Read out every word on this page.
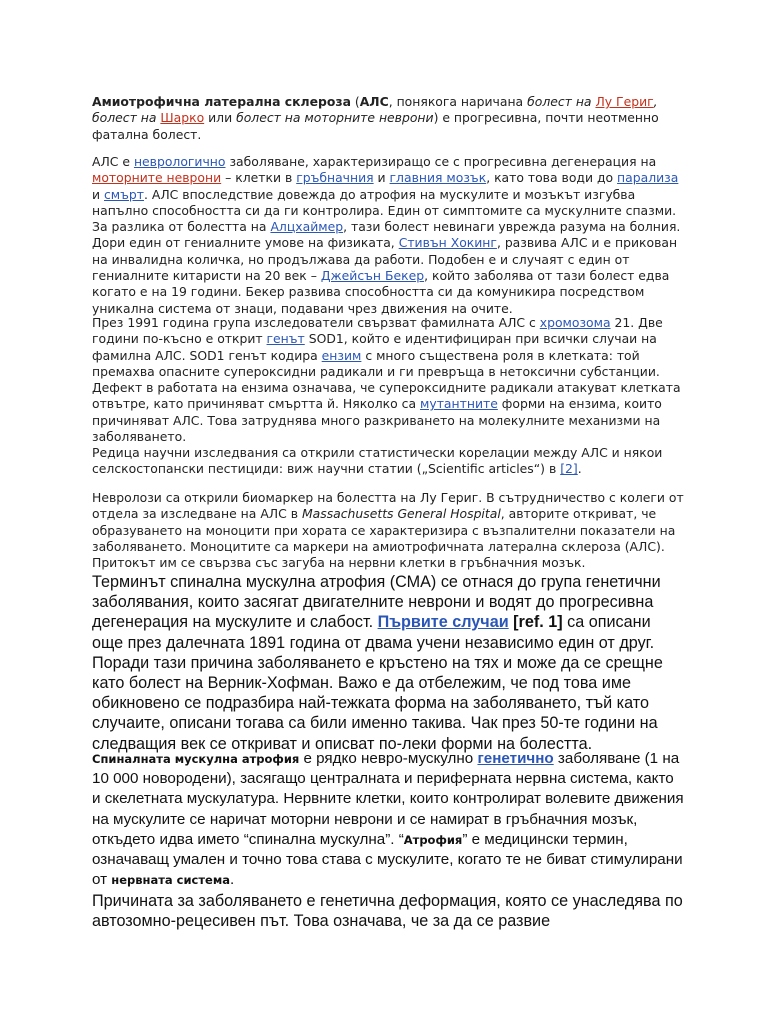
Амиотрофична латерална склероза (АЛС, понякога наричана болест на Лу Гериг, болест на Шарко или болест на моторните неврони) е прогресивна, почти неотменно фатална болест.

АЛС е неврологично заболяване, характеризиращо се с прогресивна дегенерация на моторните неврони – клетки в гръбначния и главния мозък, като това води до парализа и смърт. АЛС впоследствие довежда до атрофия на мускулите и мозъкът изгубва напълно способността си да ги контролира. Един от симптомите са мускулните спазми. За разлика от болестта на Алцхаймер, тази болест невинаги уврежда разума на болния. Дори един от гениалните умове на физиката, Стивън Хокинг, развива АЛС и е прикован на инвалидна количка, но продължава да работи. Подобен е и случаят с един от гениалните китаристи на 20 век – Джейсън Бекер, който заболява от тази болест едва когато е на 19 години. Бекер развива способността си да комуникира посредством уникална система от знаци, подавани чрез движения на очите.

През 1991 година група изследователи свързват фамилната АЛС с хромозома 21. Две години по-късно е открит генът SOD1, който е идентифициран при всички случаи на фамилна АЛС. SOD1 генът кодира ензим с много съществена роля в клетката: той премахва опасните супероксидни радикали и ги превръща в нетоксични субстанции. Дефект в работата на ензима означава, че супероксидните радикали атакуват клетката отвътре, като причиняват смъртта й. Няколко са мутантните форми на ензима, които причиняват АЛС. Това затруднява много разкриването на молекулните механизми на заболяването.

Редица научни изследвания са открили статистически корелации между АЛС и някои селскостопански пестициди: виж научни статии („Scientific articles“) в [2].

Невролози са открили биомаркер на болестта на Лу Гериг. В сътрудничество с колеги от отдела за изследване на АЛС в Massachusetts General Hospital, авторите откриват, че образуването на моноцити при хората се характеризира с възпалителни показатели на заболяването. Моноцитите са маркери на амиотрофичната латерална склероза (АЛС). Притокът им се свързва със загуба на нервни клетки в гръбначния мозък.

Терминът спинална мускулна атрофия (СМА) се отнася до група генетични заболявания, които засягат двигателните неврони и водят до прогресивна дегенерация на мускулите и слабост. Първите случаи [ref. 1] са описани още през далечната 1891 година от двама учени независимо един от друг. Поради тази причина заболяването е кръстено на тях и може да се срещне като болест на Верник-Хофман. Важо е да отбележим, че под това име обикновено се подразбира най-тежката форма на заболяването, тъй като случаите, описани тогава са били именно такива. Чак през 50-те години на следващия век се откриват и описват по-леки форми на болестта.

Спиналната мускулна атрофия е рядко невро-мускулно генетично заболяване (1 на 10 000 новородени), засягащо централната и периферната нервна система, както и скелетната мускулатура. Нервните клетки, които контролират волевите движения на мускулите се наричат моторни неврони и се намират в гръбначния мозък, откъдето идва името “спинална мускулна”. “Атрофия” е медицински термин, означаващ умален и точно това става с мускулите, когато те не биват стимулирани от нервната система.

Причината за заболяването е генетична деформация, която се унаследява по автозомно-рецесивен път. Това означава, че за да се развие
